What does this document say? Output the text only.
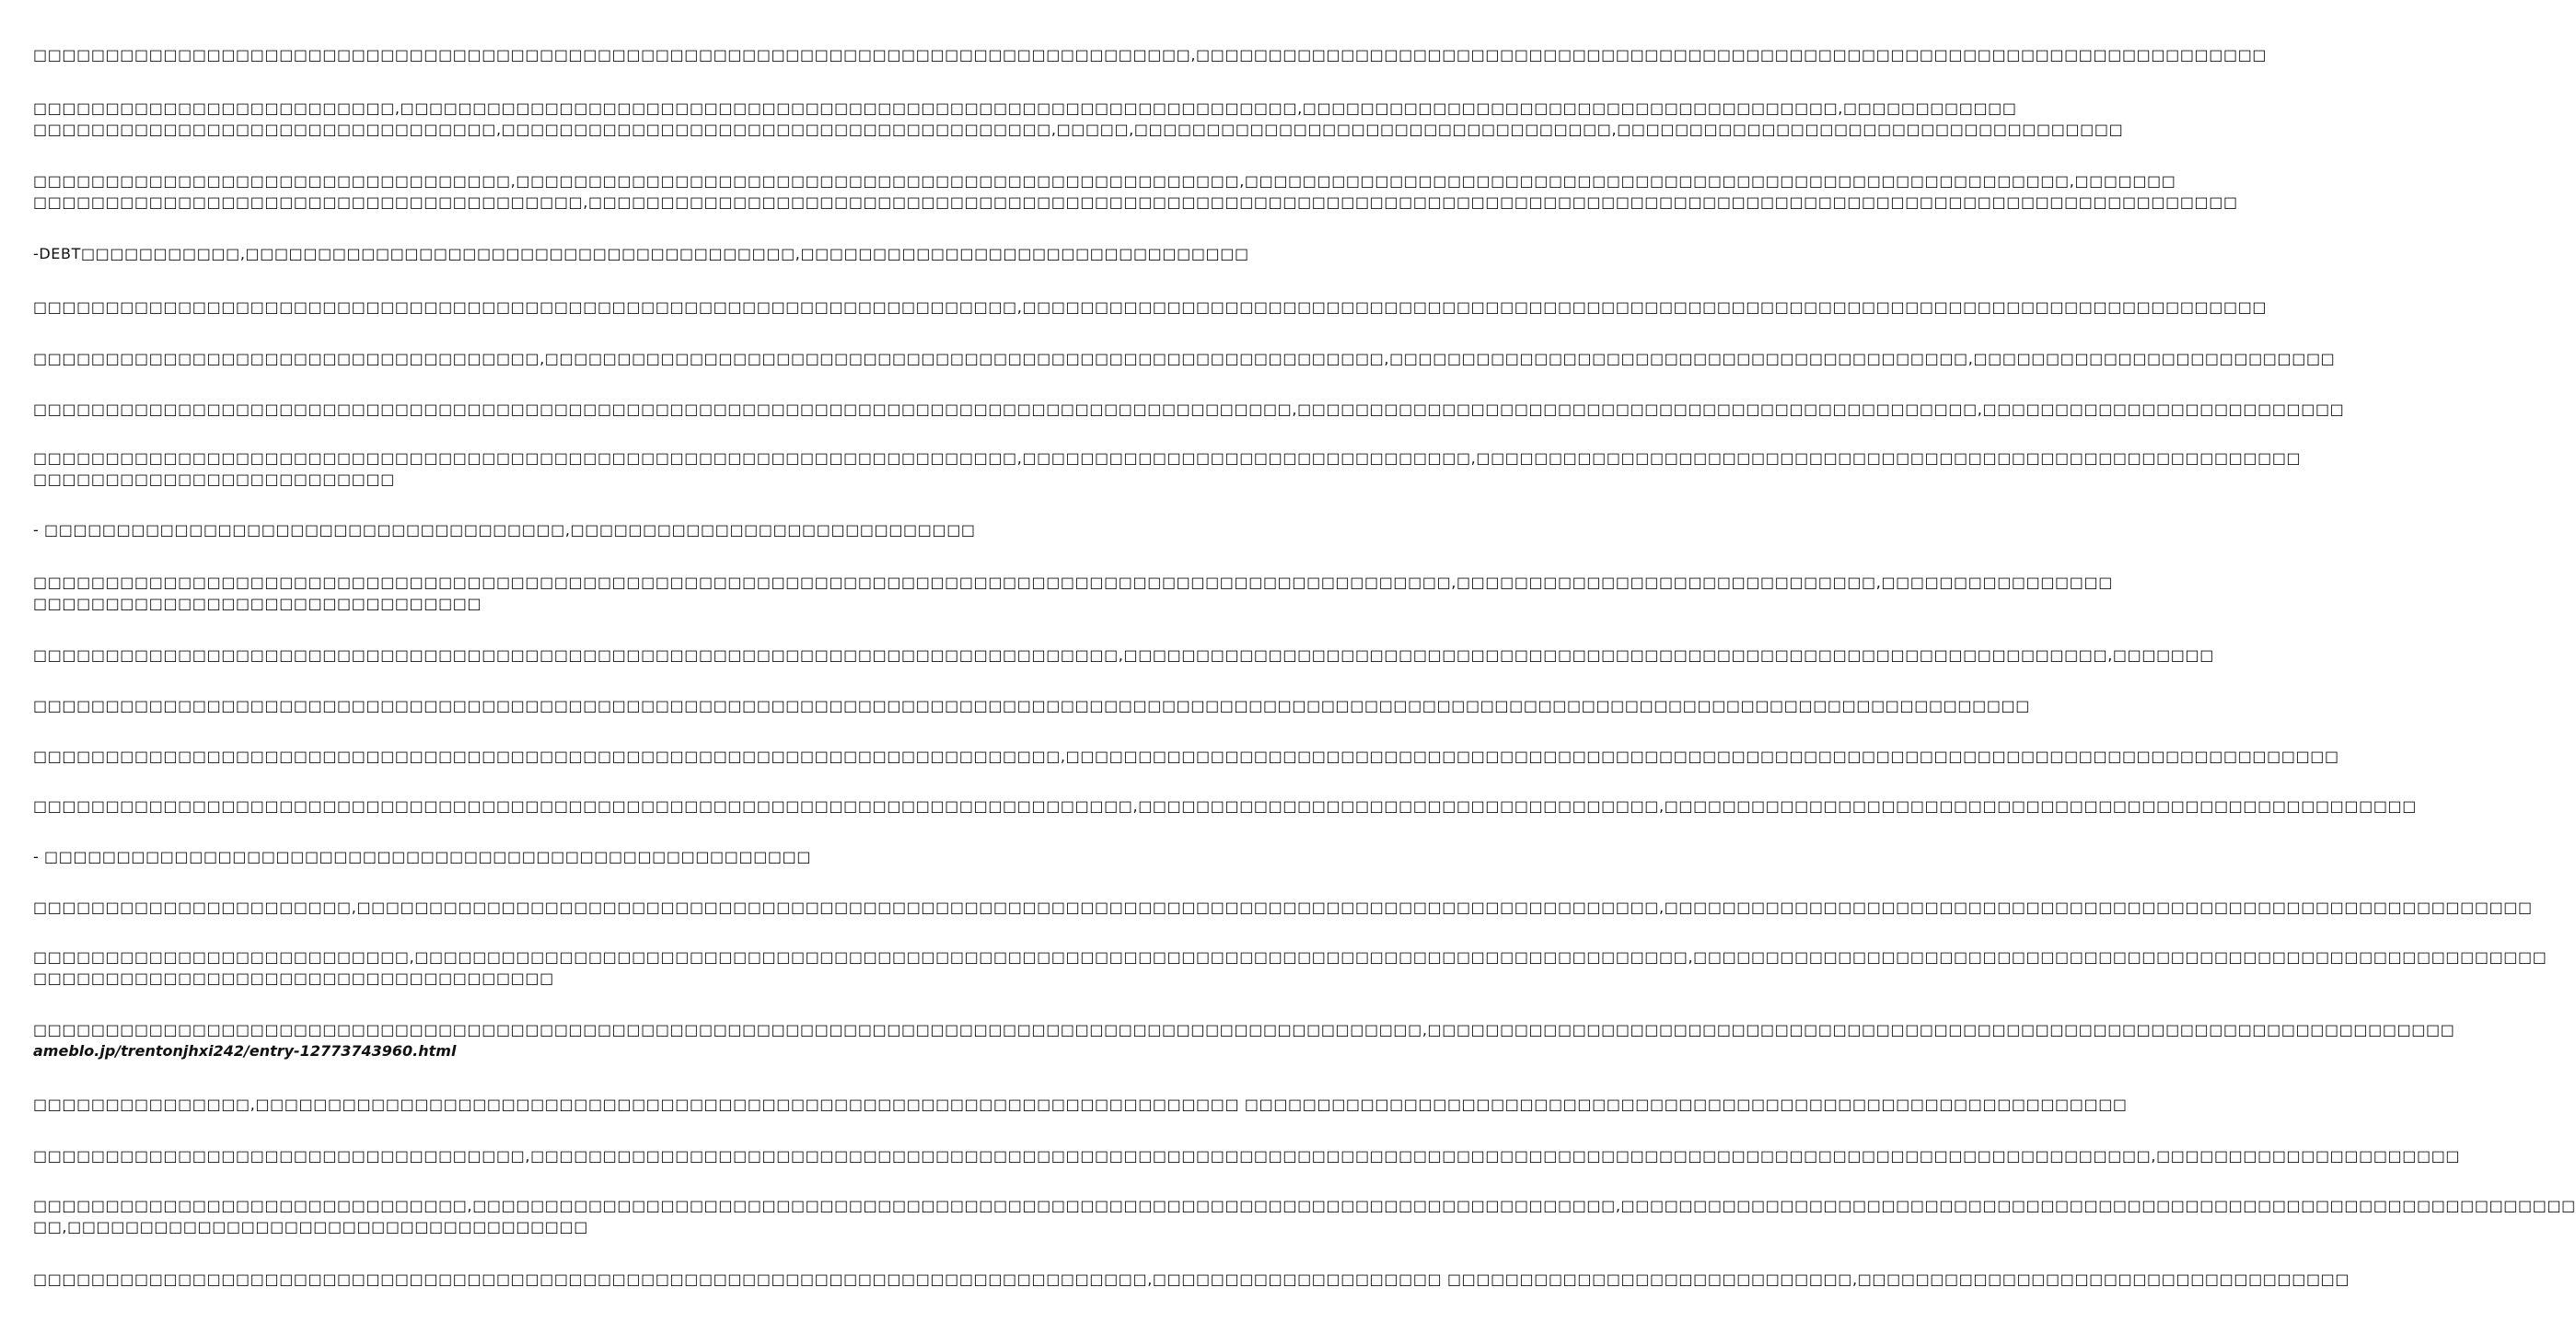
□□□□□□□□□□□□□□□□□□□□□□□□□□□□□□□□□□□□□□□□□□□□□□□□□□□□□□□□□□□□□□□□□□□□□□□□□□□□□□□□,□□□□□□□□□□□□□□□□□□□□□□□□□□□□□□□□□□□□□□□□□□□□□□□□□□□□□□□□□□□□□□□□□□□□□□□□□□
□□□□□□□□□□□□□□□□□□□□□□□□□,□□□□□□□□□□□□□□□□□□□□□□□□□□□□□□□□□□□□□□□□□□□□□□□□□□□□□□□□□□□□□□,□□□□□□□□□□□□□□□□□□□□□□□□□□□□□□□□□□□□□,□□□□□□□□□□□□
□□□□□□□□□□□□□□□□□□□□□□□□□□□□□□□□,□□□□□□□□□□□□□□□□□□□□□□□□□□□□□□□□□□□□□□,□□□□□,□□□□□□□□□□□□□□□□□□□□□□□□□□□□□□□□□,□□□□□□□□□□□□□□□□□□□□□□□□□□□□□□□□□□□
□□□□□□□□□□□□□□□□□□□□□□□□□□□□□□□□□,□□□□□□□□□□□□□□□□□□□□□□□□□□□□□□□□□□□□□□□□□□□□□□□□□□,□□□□□□□□□□□□□□□□□□□□□□□□□□□□□□□□□□□□□□□□□□□□□□□□□□□□□□□□□,□□□□□□□
□□□□□□□□□□□□□□□□□□□□□□□□□□□□□□□□□□□□□□,□□□□□□□□□□□□□□□□□□□□□□□□□□□□□□□□□□□□□□□□□□□□□□□□□□□□□□□□□□□□□□□□□□□□□□□□□□□□□□□□□□□□□□□□□□□□□□□□□□□□□□□□□□□□□□□□□□
-DEBT□□□□□□□□□□□,□□□□□□□□□□□□□□□□□□□□□□□□□□□□□□□□□□□□□□,□□□□□□□□□□□□□□□□□□□□□□□□□□□□□□□
□□□□□□□□□□□□□□□□□□□□□□□□□□□□□□□□□□□□□□□□□□□□□□□□□□□□□□□□□□□□□□□□□□□□,□□□□□□□□□□□□□□□□□□□□□□□□□□□□□□□□□□□□□□□□□□□□□□□□□□□□□□□□□□□□□□□□□□□□□□□□□□□□□□□□□□□□□□
□□□□□□□□□□□□□□□□□□□□□□□□□□□□□□□□□□□,□□□□□□□□□□□□□□□□□□□□□□□□□□□□□□□□□□□□□□□□□□□□□□□□□□□□□□□□□□,□□□□□□□□□□□□□□□□□□□□□□□□□□□□□□□□□□□□□□□□,□□□□□□□□□□□□□□□□□□□□□□□□□
□□□□□□□□□□□□□□□□□□□□□□□□□□□□□□□□□□□□□□□□□□□□□□□□□□□□□□□□□□□□□□□□□□□□□□□□□□□□□□□□□□□□□□□,□□□□□□□□□□□□□□□□□□□□□□□□□□□□□□□□□□□□□□□□□□□□□□□,□□□□□□□□□□□□□□□□□□□□□□□□□
□□□□□□□□□□□□□□□□□□□□□□□□□□□□□□□□□□□□□□□□□□□□□□□□□□□□□□□□□□□□□□□□□□□□,□□□□□□□□□□□□□□□□□□□□□□□□□□□□□□□,□□□□□□□□□□□□□□□□□□□□□□□□□□□□□□□□□□□□□□□□□□□□□□□□□□□□□□□□□
□□□□□□□□□□□□□□□□□□□□□□□□□
- □□□□□□□□□□□□□□□□□□□□□□□□□□□□□□□□□□□□,□□□□□□□□□□□□□□□□□□□□□□□□□□□□
□□□□□□□□□□□□□□□□□□□□□□□□□□□□□□□□□□□□□□□□□□□□□□□□□□□□□□□□□□□□□□□□□□□□□□□□□□□□□□□□□□□□□□□□□□□□□□□□□□,□□□□□□□□□□□□□□□□□□□□□□□□□□□□□,□□□□□□□□□□□□□□□□
□□□□□□□□□□□□□□□□□□□□□□□□□□□□□□□
□□□□□□□□□□□□□□□□□□□□□□□□□□□□□□□□□□□□□□□□□□□□□□□□□□□□□□□□□□□□□□□□□□□□□□□□□□□,□□□□□□□□□□□□□□□□□□□□□□□□□□□□□□□□□□□□□□□□□□□□□□□□□□□□□□□□□□□□□□□□□□□□,□□□□□□□
□□□□□□□□□□□□□□□□□□□□□□□□□□□□□□□□□□□□□□□□□□□□□□□□□□□□□□□□□□□□□□□□□□□□□□□□□□□□□□□□□□□□□□□□□□□□□□□□□□□□□□□□□□□□□□□□□□□□□□□□□□□□□□□□□□□□□□□□□□
□□□□□□□□□□□□□□□□□□□□□□□□□□□□□□□□□□□□□□□□□□□□□□□□□□□□□□□□□□□□□□□□□□□□□□□,□□□□□□□□□□□□□□□□□□□□□□□□□□□□□□□□□□□□□□□□□□□□□□□□□□□□□□□□□□□□□□□□□□□□□□□□□□□□□□□□□□□□□□□□
□□□□□□□□□□□□□□□□□□□□□□□□□□□□□□□□□□□□□□□□□□□□□□□□□□□□□□□□□□□□□□□□□□□□□□□□□□□□,□□□□□□□□□□□□□□□□□□□□□□□□□□□□□□□□□□□□,□□□□□□□□□□□□□□□□□□□□□□□□□□□□□□□□□□□□□□□□□□□□□□□□□□□□
- □□□□□□□□□□□□□□□□□□□□□□□□□□□□□□□□□□□□□□□□□□□□□□□□□□□□□
□□□□□□□□□□□□□□□□□□□□□□,□□□□□□□□□□□□□□□□□□□□□□□□□□□□□□□□□□□□□□□□□□□□□□□□□□□□□□□□□□□□□□□□□□□□□□□□□□□□□□□□□□□□□□□□□□,□□□□□□□□□□□□□□□□□□□□□□□□□□□□□□□□□□□□□□□□□□□□□□□□□□□□□□□□□□□□
□□□□□□□□□□□□□□□□□□□□□□□□□□,□□□□□□□□□□□□□□□□□□□□□□□□□□□□□□□□□□□□□□□□□□□□□□□□□□□□□□□□□□□□□□□□□□□□□□□□□□□□□□□□□□□□□□□□,□□□□□□□□□□□□□□□□□□□□□□□□□□□□□□□□□□□□□□□□□□□□□□□□□□□□□□□□□□□
□□□□□□□□□□□□□□□□□□□□□□□□□□□□□□□□□□□□
□□□□□□□□□□□□□□□□□□□□□□□□□□□□□□□□□□□□□□□□□□□□□□□□□□□□□□□□□□□□□□□□□□□□□□□□□□□□□□□□□□□□□□□□□□□□□□□□,□□□□□□□□□□□□□□□□□□□□□□□□□□□□□□□□□□□□□□□□□□□□□□□□□□□□□□□□□□□□□□□□□□□□□□□
ameblo.jp/trentonjhxi242/entry-12773743960.html
□□□□□□□□□□□□□□□,□□□□□□□□□□□□□□□□□□□□□□□□□□□□□□□□□□□□□□□□□□□□□□□□□□□□□□□□□□□□□□□□□□□□ □□□□□□□□□□□□□□□□□□□□□□□□□□□□□□□□□□□□□□□□□□□□□□□□□□□□□□□□□□□□□
□□□□□□□□□□□□□□□□□□□□□□□□□□□□□□□□□□,□□□□□□□□□□□□□□□□□□□□□□□□□□□□□□□□□□□□□□□□□□□□□□□□□□□□□□□□□□□□□□□□□□□□□□□□□□□□□□□□□□□□□□□□□□□□□□□□□□□□□□□□□□□□□□□□,□□□□□□□□□□□□□□□□□□□□□
□□□□□□□□□□□□□□□□□□□□□□□□□□□□□□,□□□□□□□□□□□□□□□□□□□□□□□□□□□□□□□□□□□□□□□□□□□□□□□□□□□□□□□□□□□□□□□□□□□□□□□□□□□□□□□,□□□□□□□□□□□□□□□□□□□□□□□□□□□□□□□□□□□□□□□□□□□□□□□□□□□□□□□□□□□□□□□□□□
□□,□□□□□□□□□□□□□□□□□□□□□□□□□□□□□□□□□□□□
□□□□□□□□□□□□□□□□□□□□□□□□□□□□□□□□□□□□□□□□□□□□□□□□□□□□□□□□□□□□□□□□□□□□□□□□□□□□□,□□□□□□□□□□□□□□□□□□□□ □□□□□□□□□□□□□□□□□□□□□□□□□□□□,□□□□□□□□□□□□□□□□□□□□□□□□□□□□□□□□□□
